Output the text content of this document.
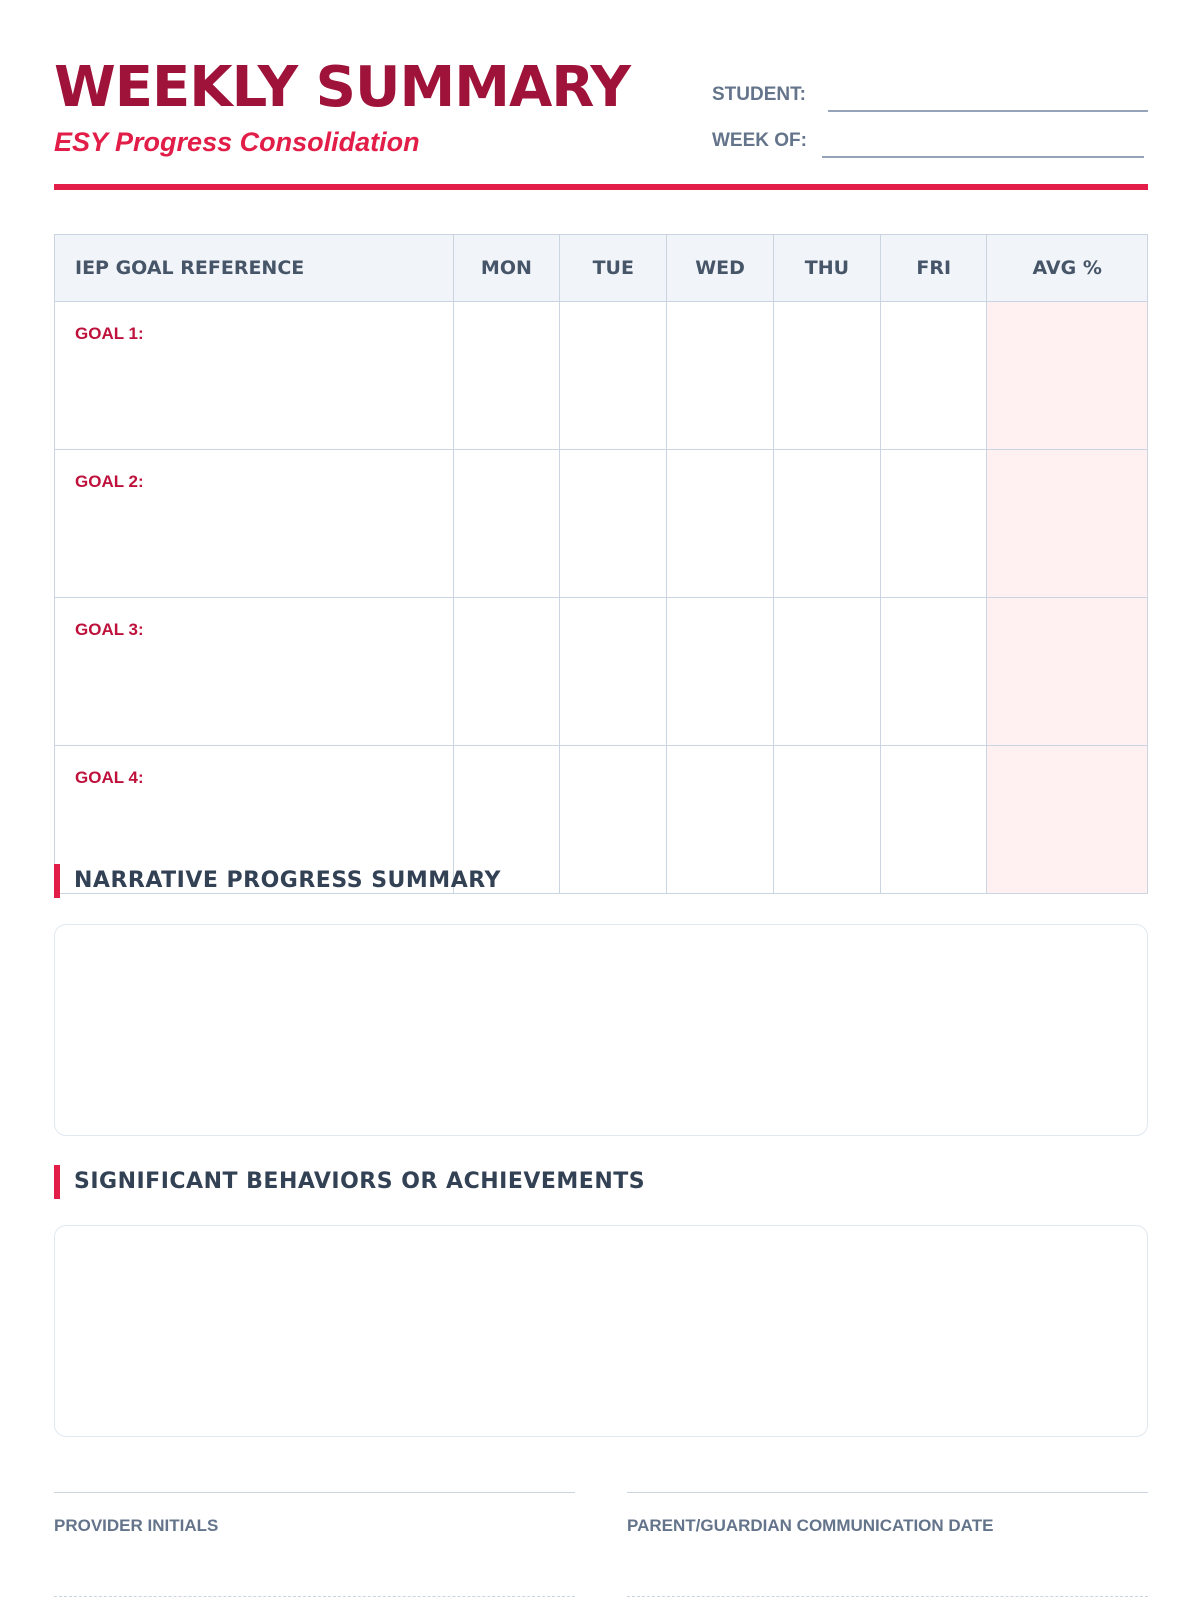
WEEKLY SUMMARY
ESY Progress Consolidation
STUDENT:
WEEK OF:
IEP GOAL REFERENCE	MON	TUE	WED	THU	FRI	AVG %
GOAL 1:						
GOAL 2:						
GOAL 3:						
GOAL 4:						
NARRATIVE PROGRESS SUMMARY
SIGNIFICANT BEHAVIORS OR ACHIEVEMENTS
PROVIDER INITIALS	PARENT/GUARDIAN COMMUNICATION DATE
